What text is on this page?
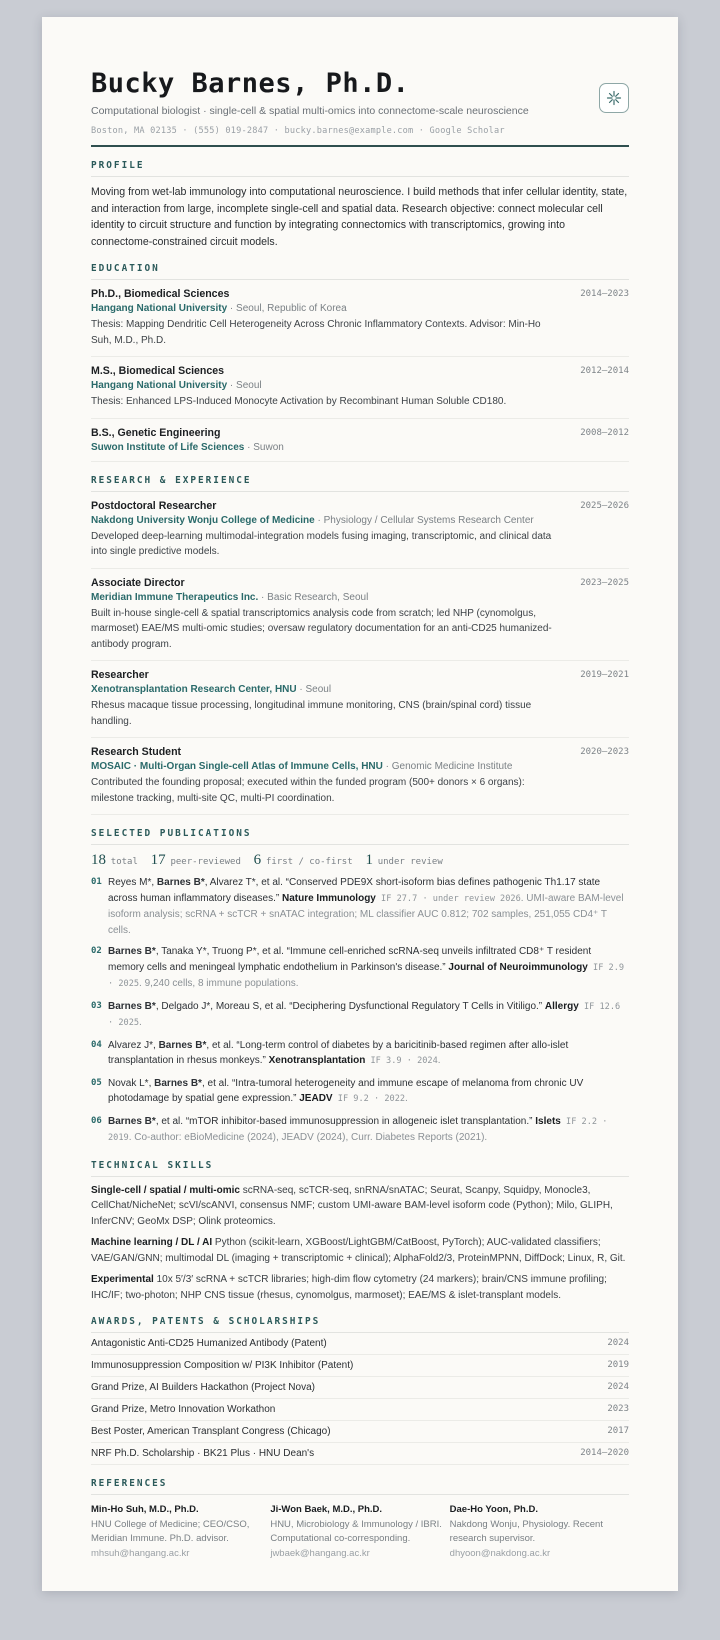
Bucky Barnes, Ph.D.
Computational biologist · single-cell & spatial multi-omics into connectome-scale neuroscience
Boston, MA 02135 · (555) 019-2847 · bucky.barnes@example.com · Google Scholar
PROFILE
Moving from wet-lab immunology into computational neuroscience. I build methods that infer cellular identity, state, and interaction from large, incomplete single-cell and spatial data. Research objective: connect molecular cell identity to circuit structure and function by integrating connectomics with transcriptomics, growing into connectome-constrained circuit models.
EDUCATION
Ph.D., Biomedical Sciences	2014–2023
Hangang National University · Seoul, Republic of Korea
Thesis: Mapping Dendritic Cell Heterogeneity Across Chronic Inflammatory Contexts. Advisor: Min-Ho Suh, M.D., Ph.D.
M.S., Biomedical Sciences	2012–2014
Hangang National University · Seoul
Thesis: Enhanced LPS-Induced Monocyte Activation by Recombinant Human Soluble CD180.
B.S., Genetic Engineering	2008–2012
Suwon Institute of Life Sciences · Suwon
RESEARCH & EXPERIENCE
Postdoctoral Researcher	2025–2026
Nakdong University Wonju College of Medicine · Physiology / Cellular Systems Research Center
Developed deep-learning multimodal-integration models fusing imaging, transcriptomic, and clinical data into single predictive models.
Associate Director	2023–2025
Meridian Immune Therapeutics Inc. · Basic Research, Seoul
Built in-house single-cell & spatial transcriptomics analysis code from scratch; led NHP (cynomolgus, marmoset) EAE/MS multi-omic studies; oversaw regulatory documentation for an anti-CD25 humanized-antibody program.
Researcher	2019–2021
Xenotransplantation Research Center, HNU · Seoul
Rhesus macaque tissue processing, longitudinal immune monitoring, CNS (brain/spinal cord) tissue handling.
Research Student	2020–2023
MOSAIC · Multi-Organ Single-cell Atlas of Immune Cells, HNU · Genomic Medicine Institute
Contributed the founding proposal; executed within the funded program (500+ donors × 6 organs): milestone tracking, multi-site QC, multi-PI coordination.
SELECTED PUBLICATIONS
18 total 17 peer-reviewed 6 first / co-first 1 under review
01 Reyes M*, Barnes B*, Alvarez T*, et al. “Conserved PDE9X short-isoform bias defines pathogenic Th1.17 state across human inflammatory diseases.” Nature Immunology IF 27.7 · under review 2026. UMI-aware BAM-level isoform analysis; scRNA + scTCR + snATAC integration; ML classifier AUC 0.812; 702 samples, 251,055 CD4⁺ T cells.
02 Barnes B*, Tanaka Y*, Truong P*, et al. “Immune cell-enriched scRNA-seq unveils infiltrated CD8⁺ T resident memory cells and meningeal lymphatic endothelium in Parkinson's disease.” Journal of Neuroimmunology IF 2.9 · 2025. 9,240 cells, 8 immune populations.
03 Barnes B*, Delgado J*, Moreau S, et al. “Deciphering Dysfunctional Regulatory T Cells in Vitiligo.” Allergy IF 12.6 · 2025.
04 Alvarez J*, Barnes B*, et al. “Long-term control of diabetes by a baricitinib-based regimen after allo-islet transplantation in rhesus monkeys.” Xenotransplantation IF 3.9 · 2024.
05 Novak L*, Barnes B*, et al. “Intra-tumoral heterogeneity and immune escape of melanoma from chronic UV photodamage by spatial gene expression.” JEADV IF 9.2 · 2022.
06 Barnes B*, et al. “mTOR inhibitor-based immunosuppression in allogeneic islet transplantation.” Islets IF 2.2 · 2019. Co-author: eBioMedicine (2024), JEADV (2024), Curr. Diabetes Reports (2021).
TECHNICAL SKILLS
Single-cell / spatial / multi-omic scRNA-seq, scTCR-seq, snRNA/snATAC; Seurat, Scanpy, Squidpy, Monocle3, CellChat/NicheNet; scVI/scANVI, consensus NMF; custom UMI-aware BAM-level isoform code (Python); Milo, GLIPH, InferCNV; GeoMx DSP; Olink proteomics.
Machine learning / DL / AI Python (scikit-learn, XGBoost/LightGBM/CatBoost, PyTorch); AUC-validated classifiers; VAE/GAN/GNN; multimodal DL (imaging + transcriptomic + clinical); AlphaFold2/3, ProteinMPNN, DiffDock; Linux, R, Git.
Experimental 10x 5′/3′ scRNA + scTCR libraries; high-dim flow cytometry (24 markers); brain/CNS immune profiling; IHC/IF; two-photon; NHP CNS tissue (rhesus, cynomolgus, marmoset); EAE/MS & islet-transplant models.
AWARDS, PATENTS & SCHOLARSHIPS
Antagonistic Anti-CD25 Humanized Antibody (Patent)	2024
Immunosuppression Composition w/ PI3K Inhibitor (Patent)	2019
Grand Prize, AI Builders Hackathon (Project Nova)	2024
Grand Prize, Metro Innovation Workathon	2023
Best Poster, American Transplant Congress (Chicago)	2017
NRF Ph.D. Scholarship · BK21 Plus · HNU Dean's	2014–2020
REFERENCES
Min-Ho Suh, M.D., Ph.D.
HNU College of Medicine; CEO/CSO, Meridian Immune. Ph.D. advisor.
mhsuh@hangang.ac.kr
Ji-Won Baek, M.D., Ph.D.
HNU, Microbiology & Immunology / IBRI. Computational co-corresponding.
jwbaek@hangang.ac.kr
Dae-Ho Yoon, Ph.D.
Nakdong Wonju, Physiology. Recent research supervisor.
dhyoon@nakdong.ac.kr
